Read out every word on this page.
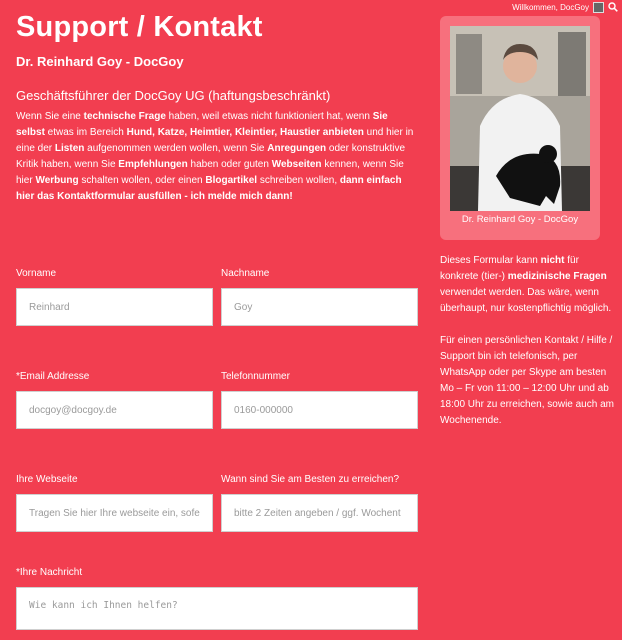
Willkommen, DocGoy
Support / Kontakt
Dr. Reinhard Goy - DocGoy
Geschäftsführer der DocGoy UG (haftungsbeschränkt)
Wenn Sie eine technische Frage haben, weil etwas nicht funktioniert hat, wenn Sie selbst etwas im Bereich Hund, Katze, Heimtier, Kleintier, Haustier anbieten und hier in eine der Listen aufgenommen werden wollen, wenn Sie Anregungen oder konstruktive Kritik haben, wenn Sie Empfehlungen haben oder guten Webseiten kennen, wenn Sie hier Werbung schalten wollen, oder einen Blogartikel schreiben wollen, dann einfach hier das Kontaktformular ausfüllen - ich melde mich dann!
Vorname
Reinhard
Nachname
Goy
*Email Addresse
docgoy@docgoy.de
Telefonnummer
0160-000000
Ihre Webseite
Tragen Sie hier Ihre webseite ein, sofe
Wann sind Sie am Besten zu erreichen?
bitte 2 Zeiten angeben / ggf. Wochent
*Ihre Nachricht
Wie kann ich Ihnen helfen?
Dr. Reinhard Goy - DocGoy

Dieses Formular kann nicht für konkrete (tier-) medizinische Fragen verwendet werden. Das wäre, wenn überhaupt, nur kostenpflichtig möglich.

Für einen persönlichen Kontakt / Hilfe / Support bin ich telefonisch, per WhatsApp oder per Skype am besten Mo – Fr von 11:00 – 12:00 Uhr und ab 18:00 Uhr zu erreichen, sowie auch am Wochenende.
